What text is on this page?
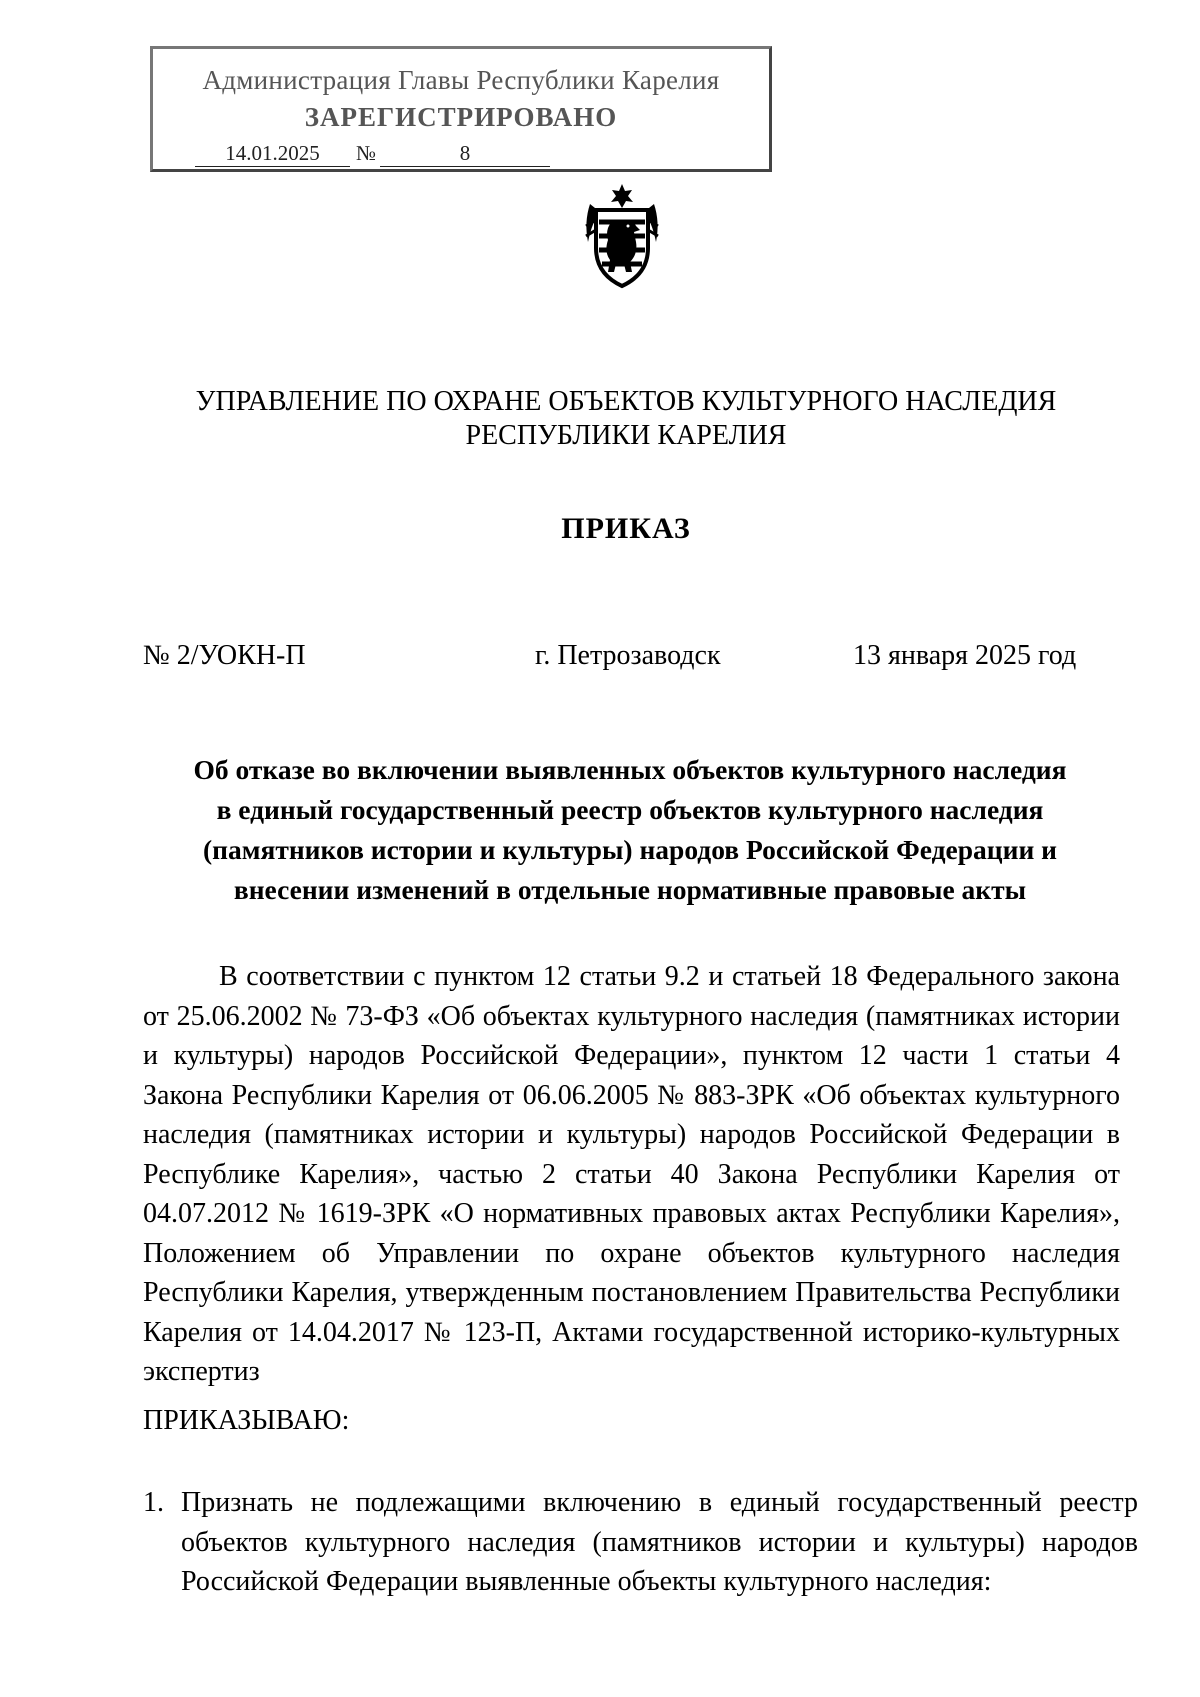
Администрация Главы Республики Карелия
ЗАРЕГИСТРИРОВАНО
14.01.2025	№	8
УПРАВЛЕНИЕ ПО ОХРАНЕ ОБЪЕКТОВ КУЛЬТУРНОГО НАСЛЕДИЯ
РЕСПУБЛИКИ КАРЕЛИЯ
ПРИКАЗ
№ 2/УОКН-П	г. Петрозаводск	13 января 2025 год
Об отказе во включении выявленных объектов культурного наследия
в единый государственный реестр объектов культурного наследия
(памятников истории и культуры) народов Российской Федерации и
внесении изменений в отдельные нормативные правовые акты

В соответствии с пунктом 12 статьи 9.2 и статьей 18 Федерального закона от 25.06.2002 № 73-ФЗ «Об объектах культурного наследия (памятниках истории и культуры) народов Российской Федерации», пунктом 12 части 1 статьи 4 Закона Республики Карелия от 06.06.2005 № 883-ЗРК «Об объектах культурного наследия (памятниках истории и культуры) народов Российской Федерации в Республике Карелия», частью 2 статьи 40 Закона Республики Карелия от 04.07.2012 № 1619-ЗРК «О нормативных правовых актах Республики Карелия», Положением об Управлении по охране объектов культурного наследия Республики Карелия, утвержденным постановлением Правительства Республики Карелия от 14.04.2017 № 123-П, Актами государственной историко-культурных экспертиз

ПРИКАЗЫВАЮ:
1. Признать не подлежащими включению в единый государственный реестр объектов культурного наследия (памятников истории и культуры) народов Российской Федерации выявленные объекты культурного наследия:
